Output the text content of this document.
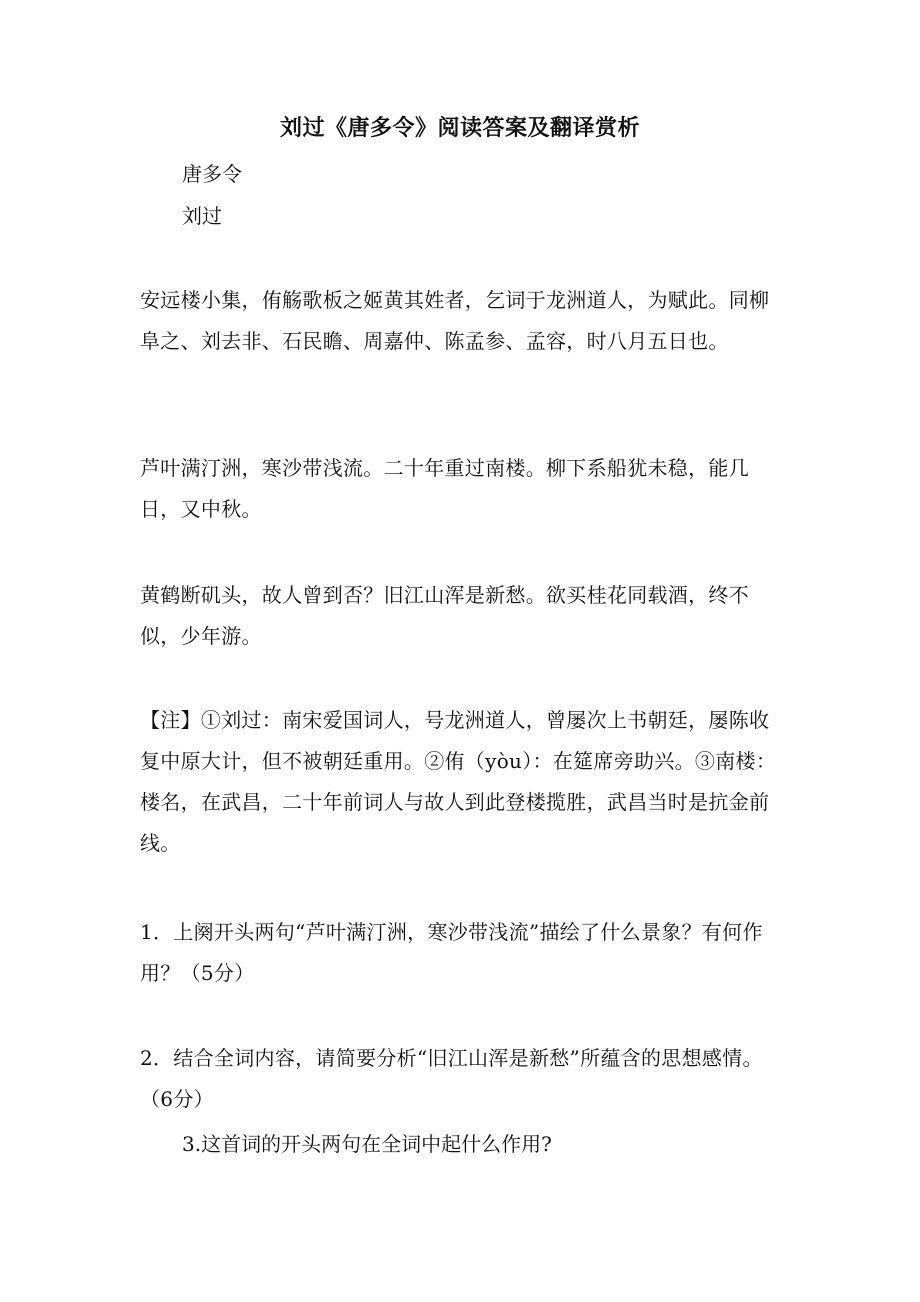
刘过《唐多令》阅读答案及翻译赏析
唐多令
刘过
安远楼小集，侑觞歌板之姬黄其姓者，乞词于龙洲道人，为赋此。同柳阜之、刘去非、石民瞻、周嘉仲、陈孟参、孟容，时八月五日也。
芦叶满汀洲，寒沙带浅流。二十年重过南楼。柳下系船犹未稳，能几日，又中秋。
黄鹤断矶头，故人曾到否？旧江山浑是新愁。欲买桂花同载酒，终不似，少年游。
【注】①刘过：南宋爱国词人，号龙洲道人，曾屡次上书朝廷，屡陈收复中原大计，但不被朝廷重用。②侑（yòu）：在筵席旁助兴。③南楼：楼名，在武昌，二十年前词人与故人到此登楼揽胜，武昌当时是抗金前线。
1．上阕开头两句“芦叶满汀洲，寒沙带浅流”描绘了什么景象？有何作用？（5分）
2．结合全词内容，请简要分析“旧江山浑是新愁”所蕴含的思想感情。（6分）
3.这首词的开头两句在全词中起什么作用?
